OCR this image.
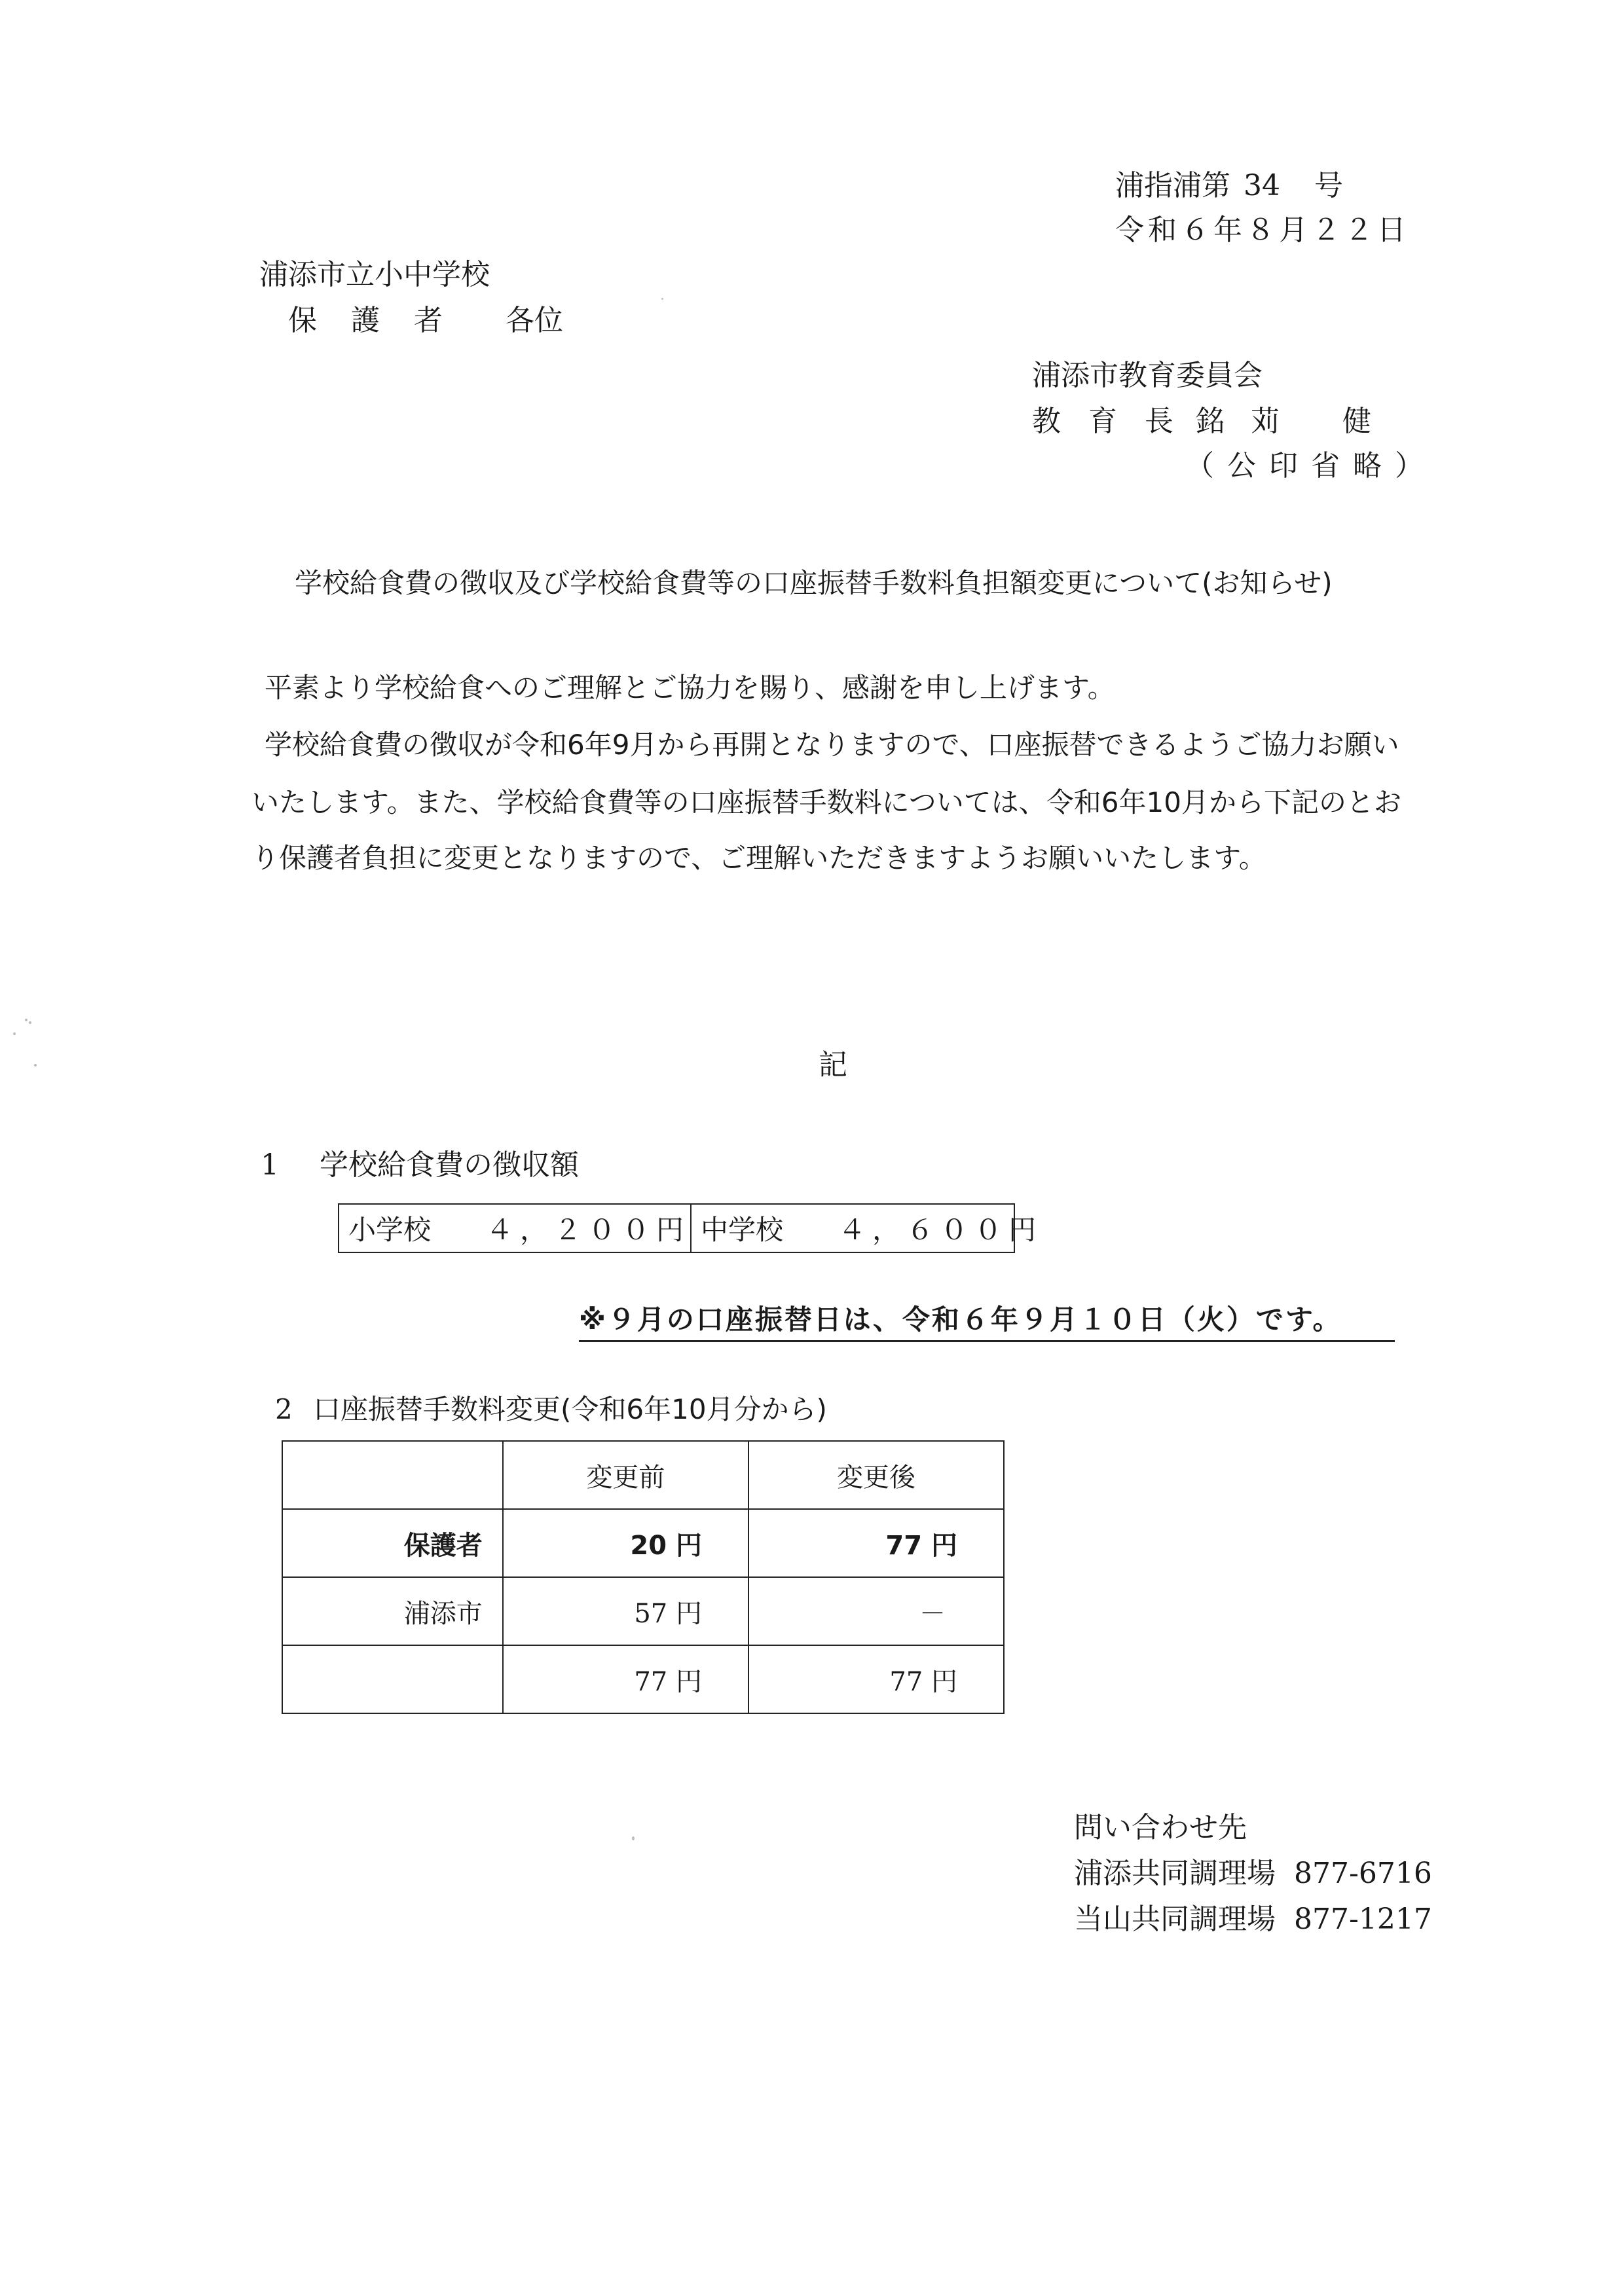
浦指浦第 34 号
令和６年８月２２日
浦添市立小中学校
保 護 者 各位
浦添市教育委員会
教育長
銘苅 健
（公印省略）
学校給食費の徴収及び学校給食費等の口座振替手数料負担額変更について(お知らせ)
平素より学校給食へのご理解とご協力を賜り、感謝を申し上げます。
学校給食費の徴収が令和6年9月から再開となりますので、口座振替できるようご協力お願い
いたします。また、学校給食費等の口座振替手数料については、令和6年10月から下記のとお
り保護者負担に変更となりますので、ご理解いただきますようお願いいたします。
記
1 学校給食費の徴収額
小学校	４，２００円 中学校	４，６００円
※９月の口座振替日は、令和６年９月１０日（火）です。
2 口座振替手数料変更(令和6年10月分から)
	変更前	変更後
保護者	20 円	77 円
浦添市	57 円	－
	77 円	77 円
問い合わせ先
浦添共同調理場 877-6716
当山共同調理場 877-1217
